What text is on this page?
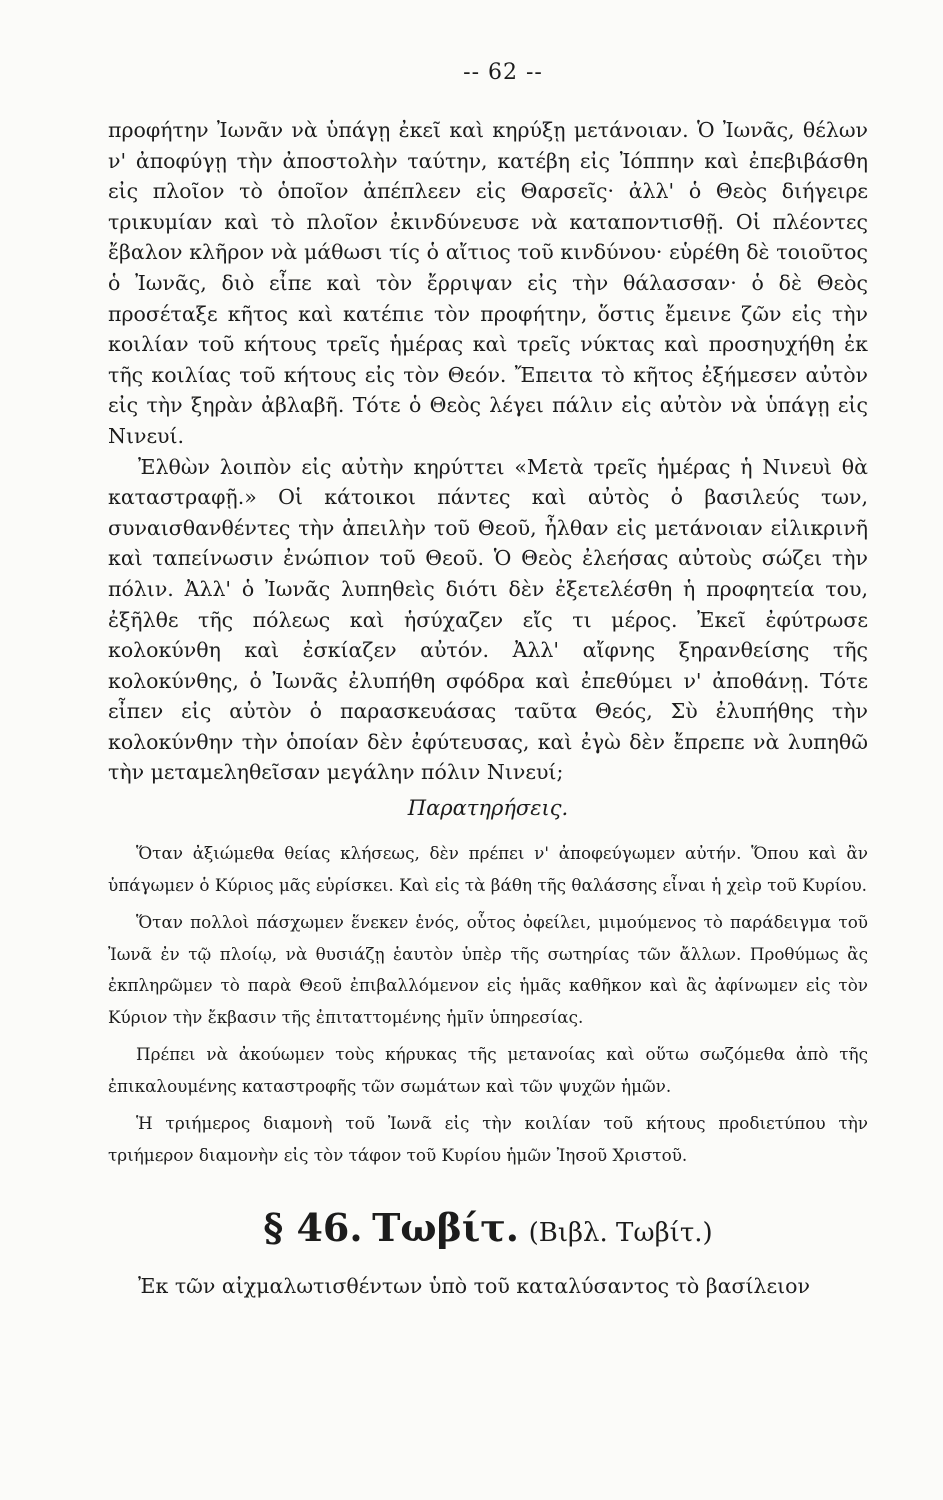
-- 62 --

προφήτην Ἰωνᾶν νὰ ὑπάγῃ ἐκεῖ καὶ κηρύξῃ μετάνοιαν. Ὁ Ἰωνᾶς, θέλων ν' ἀποφύγῃ τὴν ἀποστολὴν ταύτην, κατέβη εἰς Ἰόππην καὶ ἐπεβιβάσθη εἰς πλοῖον τὸ ὁποῖον ἀπέπλεεν εἰς Θαρσεῖς· ἀλλ' ὁ Θεὸς διήγειρε τρικυμίαν καὶ τὸ πλοῖον ἐκινδύνευσε νὰ καταποντισθῇ. Οἱ πλέοντες ἔβαλον κλῆρον νὰ μάθωσι τίς ὁ αἴτιος τοῦ κινδύνου· εὑρέθη δὲ τοιοῦτος ὁ Ἰωνᾶς, διὸ εἶπε καὶ τὸν ἔρριψαν εἰς τὴν θάλασσαν· ὁ δὲ Θεὸς προσέταξε κῆτος καὶ κατέπιε τὸν προφήτην, ὅστις ἔμεινε ζῶν εἰς τὴν κοιλίαν τοῦ κήτους τρεῖς ἡμέρας καὶ τρεῖς νύκτας καὶ προσηυχήθη ἐκ τῆς κοιλίας τοῦ κήτους εἰς τὸν Θεόν. Ἔπειτα τὸ κῆτος ἐξήμεσεν αὐτὸν εἰς τὴν ξηρὰν ἀβλαβῆ. Τότε ὁ Θεὸς λέγει πάλιν εἰς αὐτὸν νὰ ὑπάγῃ εἰς Νινευί.

Ἐλθὼν λοιπὸν εἰς αὐτὴν κηρύττει «Μετὰ τρεῖς ἡμέρας ἡ Νινευὶ θὰ καταστραφῇ.» Οἱ κάτοικοι πάντες καὶ αὐτὸς ὁ βασιλεύς των, συναισθανθέντες τὴν ἀπειλὴν τοῦ Θεοῦ, ἦλθαν εἰς μετάνοιαν εἰλικρινῆ καὶ ταπείνωσιν ἐνώπιον τοῦ Θεοῦ. Ὁ Θεὸς ἐλεήσας αὐτοὺς σώζει τὴν πόλιν. Ἀλλ' ὁ Ἰωνᾶς λυπηθεὶς διότι δὲν ἐξετελέσθη ἡ προφητεία του, ἐξῆλθε τῆς πόλεως καὶ ἡσύχαζεν εἴς τι μέρος. Ἐκεῖ ἐφύτρωσε κολοκύνθη καὶ ἐσκίαζεν αὐτόν. Ἀλλ' αἴφνης ξηρανθείσης τῆς κολοκύνθης, ὁ Ἰωνᾶς ἐλυπήθη σφόδρα καὶ ἐπεθύμει ν' ἀποθάνῃ. Τότε εἶπεν εἰς αὐτὸν ὁ παρασκευάσας ταῦτα Θεός, Σὺ ἐλυπήθης τὴν κολοκύνθην τὴν ὁποίαν δὲν ἐφύτευσας, καὶ ἐγὼ δὲν ἔπρεπε νὰ λυπηθῶ τὴν μεταμεληθεῖσαν μεγάλην πόλιν Νινευί;

Παρατηρήσεις.

Ὅταν ἀξιώμεθα θείας κλήσεως, δὲν πρέπει ν' ἀποφεύγωμεν αὐτήν. Ὅπου καὶ ἂν ὑπάγωμεν ὁ Κύριος μᾶς εὑρίσκει. Καὶ εἰς τὰ βάθη τῆς θαλάσσης εἶναι ἡ χεὶρ τοῦ Κυρίου.

Ὅταν πολλοὶ πάσχωμεν ἕνεκεν ἑνός, οὗτος ὀφείλει, μιμούμενος τὸ παράδειγμα τοῦ Ἰωνᾶ ἐν τῷ πλοίῳ, νὰ θυσιάζῃ ἑαυτὸν ὑπὲρ τῆς σωτηρίας τῶν ἄλλων. Προθύμως ἂς ἐκπληρῶμεν τὸ παρὰ Θεοῦ ἐπιβαλλόμενον εἰς ἡμᾶς καθῆκον καὶ ἂς ἀφίνωμεν εἰς τὸν Κύριον τὴν ἔκβασιν τῆς ἐπιταττομένης ἡμῖν ὑπηρεσίας.

Πρέπει νὰ ἀκούωμεν τοὺς κήρυκας τῆς μετανοίας καὶ οὕτω σωζόμεθα ἀπὸ τῆς ἐπικαλουμένης καταστροφῆς τῶν σωμάτων καὶ τῶν ψυχῶν ἡμῶν.

Ἡ τριήμερος διαμονὴ τοῦ Ἰωνᾶ εἰς τὴν κοιλίαν τοῦ κήτους προδιετύπου τὴν τριήμερον διαμονὴν εἰς τὸν τάφον τοῦ Κυρίου ἡμῶν Ἰησοῦ Χριστοῦ.

§ 46. Τωβίτ. (Βιβλ. Τωβίτ.)

Ἐκ τῶν αἰχμαλωτισθέντων ὑπὸ τοῦ καταλύσαντος τὸ βασίλειον
